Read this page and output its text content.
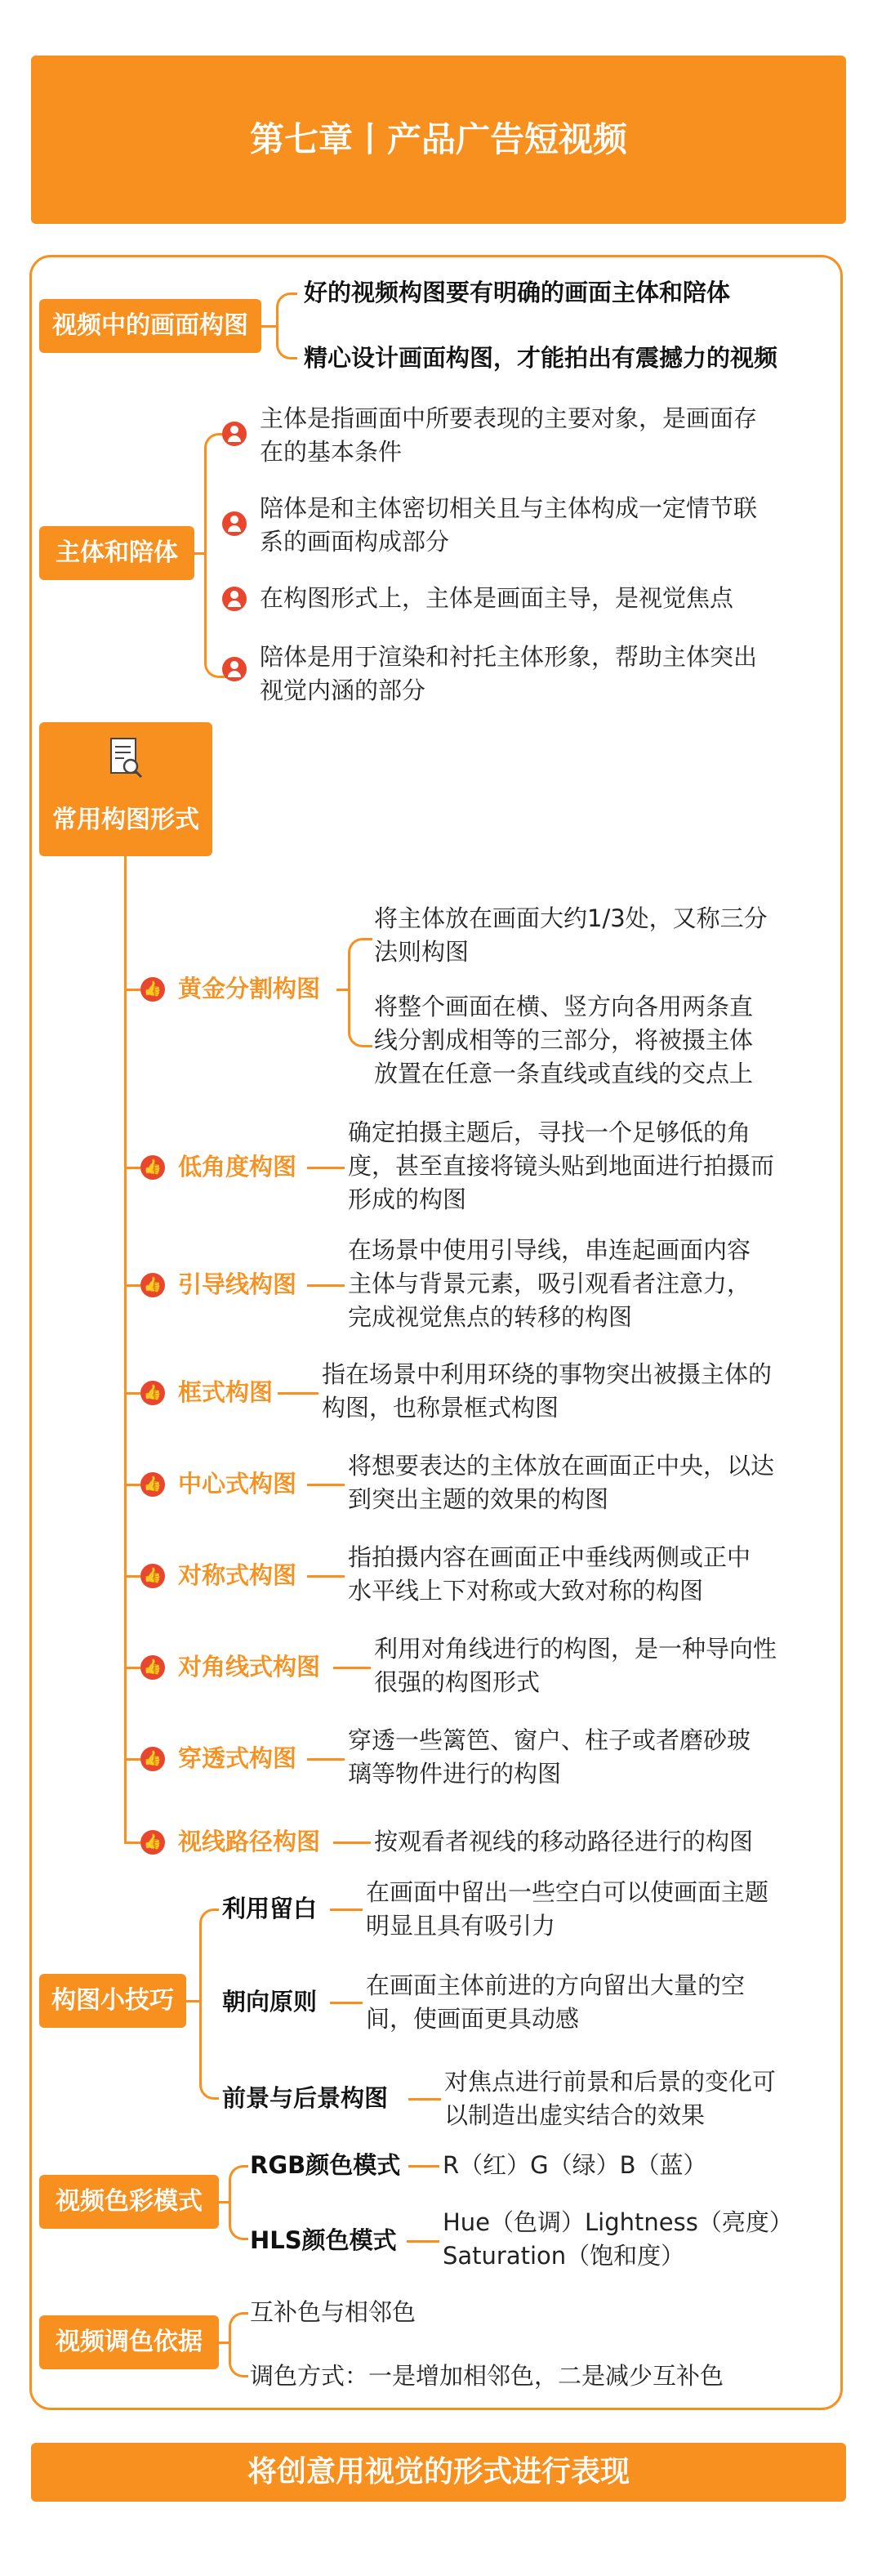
第七章丨产品广告短视频
视频中的画面构图
好的视频构图要有明确的画面主体和陪体
精心设计画面构图，才能拍出有震撼力的视频
主体和陪体
主体是指画面中所要表现的主要对象，是画面存
在的基本条件
陪体是和主体密切相关且与主体构成一定情节联
系的画面构成部分
在构图形式上，主体是画面主导，是视觉焦点
陪体是用于渲染和衬托主体形象，帮助主体突出
视觉内涵的部分
常用构图形式
👍 黄金分割构图
将主体放在画面大约1/3处，又称三分
法则构图
将整个画面在横、竖方向各用两条直
线分割成相等的三部分，将被摄主体
放置在任意一条直线或直线的交点上
👍 低角度构图
确定拍摄主题后，寻找一个足够低的角
度，甚至直接将镜头贴到地面进行拍摄而
形成的构图
👍 引导线构图
在场景中使用引导线，串连起画面内容
主体与背景元素，吸引观看者注意力，
完成视觉焦点的转移的构图
👍 框式构图
指在场景中利用环绕的事物突出被摄主体的
构图，也称景框式构图
👍 中心式构图
将想要表达的主体放在画面正中央，以达
到突出主题的效果的构图
👍 对称式构图
指拍摄内容在画面正中垂线两侧或正中
水平线上下对称或大致对称的构图
👍 对角线式构图
利用对角线进行的构图，是一种导向性
很强的构图形式
👍 穿透式构图
穿透一些篱笆、窗户、柱子或者磨砂玻
璃等物件进行的构图
👍 视线路径构图 按观看者视线的移动路径进行的构图
构图小技巧
利用留白
在画面中留出一些空白可以使画面主题
明显且具有吸引力
朝向原则
在画面主体前进的方向留出大量的空
间，使画面更具动感
前景与后景构图
对焦点进行前景和后景的变化可
以制造出虚实结合的效果
视频色彩模式
RGB颜色模式 R（红）G（绿）B（蓝）
HLS颜色模式
Hue（色调）Lightness（亮度）
Saturation（饱和度）
视频调色依据
互补色与相邻色
调色方式：一是增加相邻色，二是减少互补色
将创意用视觉的形式进行表现
